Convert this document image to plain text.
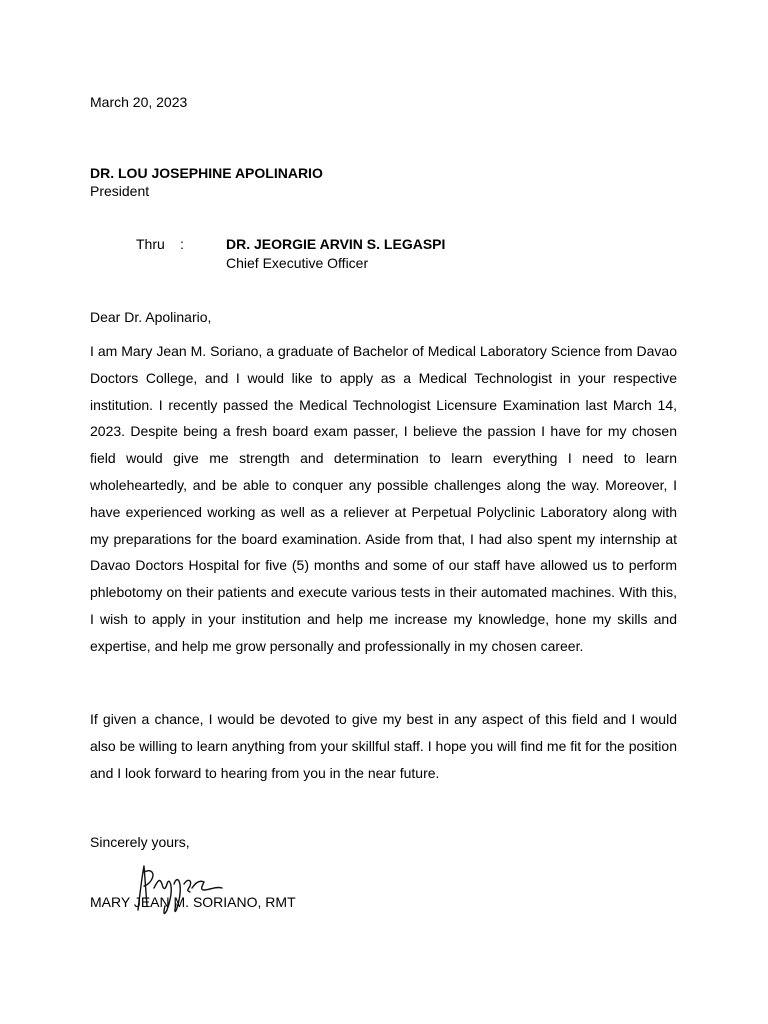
March 20, 2023
DR. LOU JOSEPHINE APOLINARIO
President
Thru :	DR. JEORGIE ARVIN S. LEGASPI
Chief Executive Officer
Dear Dr. Apolinario,

I am Mary Jean M. Soriano, a graduate of Bachelor of Medical Laboratory Science from Davao Doctors College, and I would like to apply as a Medical Technologist in your respective institution. I recently passed the Medical Technologist Licensure Examination last March 14, 2023. Despite being a fresh board exam passer, I believe the passion I have for my chosen field would give me strength and determination to learn everything I need to learn wholeheartedly, and be able to conquer any possible challenges along the way. Moreover, I have experienced working as well as a reliever at Perpetual Polyclinic Laboratory along with my preparations for the board examination. Aside from that, I had also spent my internship at Davao Doctors Hospital for five (5) months and some of our staff have allowed us to perform phlebotomy on their patients and execute various tests in their automated machines. With this, I wish to apply in your institution and help me increase my knowledge, hone my skills and expertise, and help me grow personally and professionally in my chosen career.

If given a chance, I would be devoted to give my best in any aspect of this field and I would also be willing to learn anything from your skillful staff. I hope you will find me fit for the position and I look forward to hearing from you in the near future.

Sincerely yours,
MARY JEAN M. SORIANO, RMT
